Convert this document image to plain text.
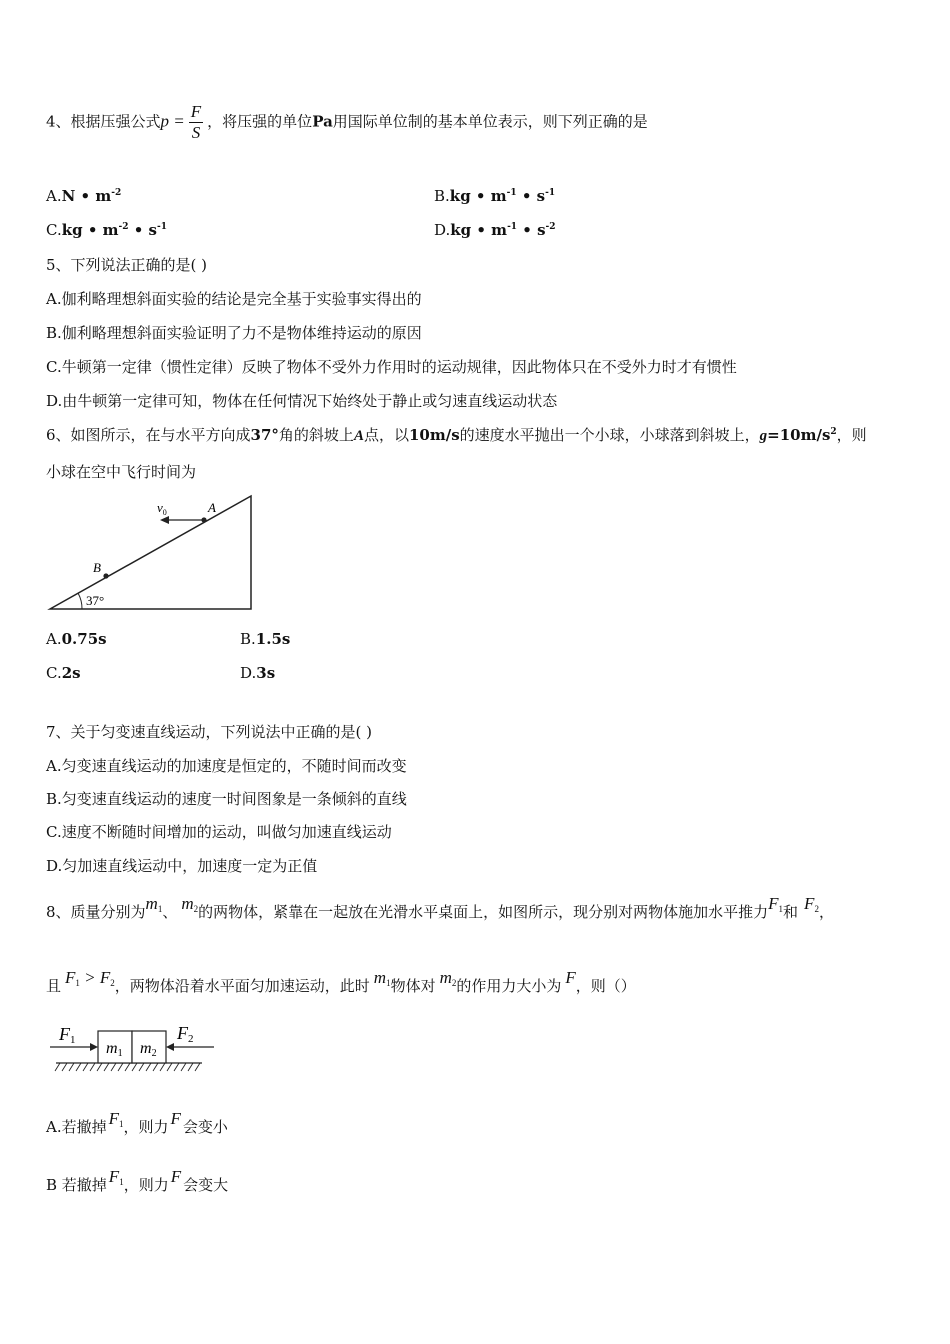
4、根据压强公式$p = \frac{F}{S}$ ，将压强的单位Pa用国际单位制的基本单位表示，则下列正确的是
A.N • $m^{-2}$	B.kg • $m^{-1}$ • $s^{-1}$
C.kg • $m^{-2}$ • $s^{-1}$	D.kg • $m^{-1}$ • $s^{-2}$
5、下列说法正确的是( )
A.伽利略理想斜面实验的结论是完全基于实验事实得出的
B.伽利略理想斜面实验证明了力不是物体维持运动的原因
C.牛顿第一定律（惯性定律）反映了物体不受外力作用时的运动规律，因此物体只在不受外力时才有惯性
D.由牛顿第一定律可知，物体在任何情况下始终处于静止或匀速直线运动状态
6、如图所示，在与水平方向成37°角的斜坡上A点，以10m/s的速度水平抛出一个小球，小球落到斜坡上，$g=10m/s^2$，则
小球在空中飞行时间为
37°
$v_0$	A
B
A.0.75s	B.1.5s
C.2s	D.3s
7、关于匀变速直线运动，下列说法中正确的是( )
A.匀变速直线运动的加速度是恒定的，不随时间而改变
B.匀变速直线运动的速度一时间图象是一条倾斜的直线
C.速度不断随时间增加的运动，叫做匀加速直线运动
D.匀加速直线运动中，加速度一定为正值
8、质量分别为$m_1$、 $m_2$的两物体，紧靠在一起放在光滑水平桌面上，如图所示，现分别对两物体施加水平推力$F_1$和 $F_2$，
且 $F_1 > F_2$，两物体沿着水平面匀加速运动，此时 $m_1$物体对 $m_2$的作用力大小为 F，则（）
m1 m2
F1	F2
A.若撤掉 $F_1$，则力 F 会变小
B 若撤掉 $F_1$，则力 F 会变大
